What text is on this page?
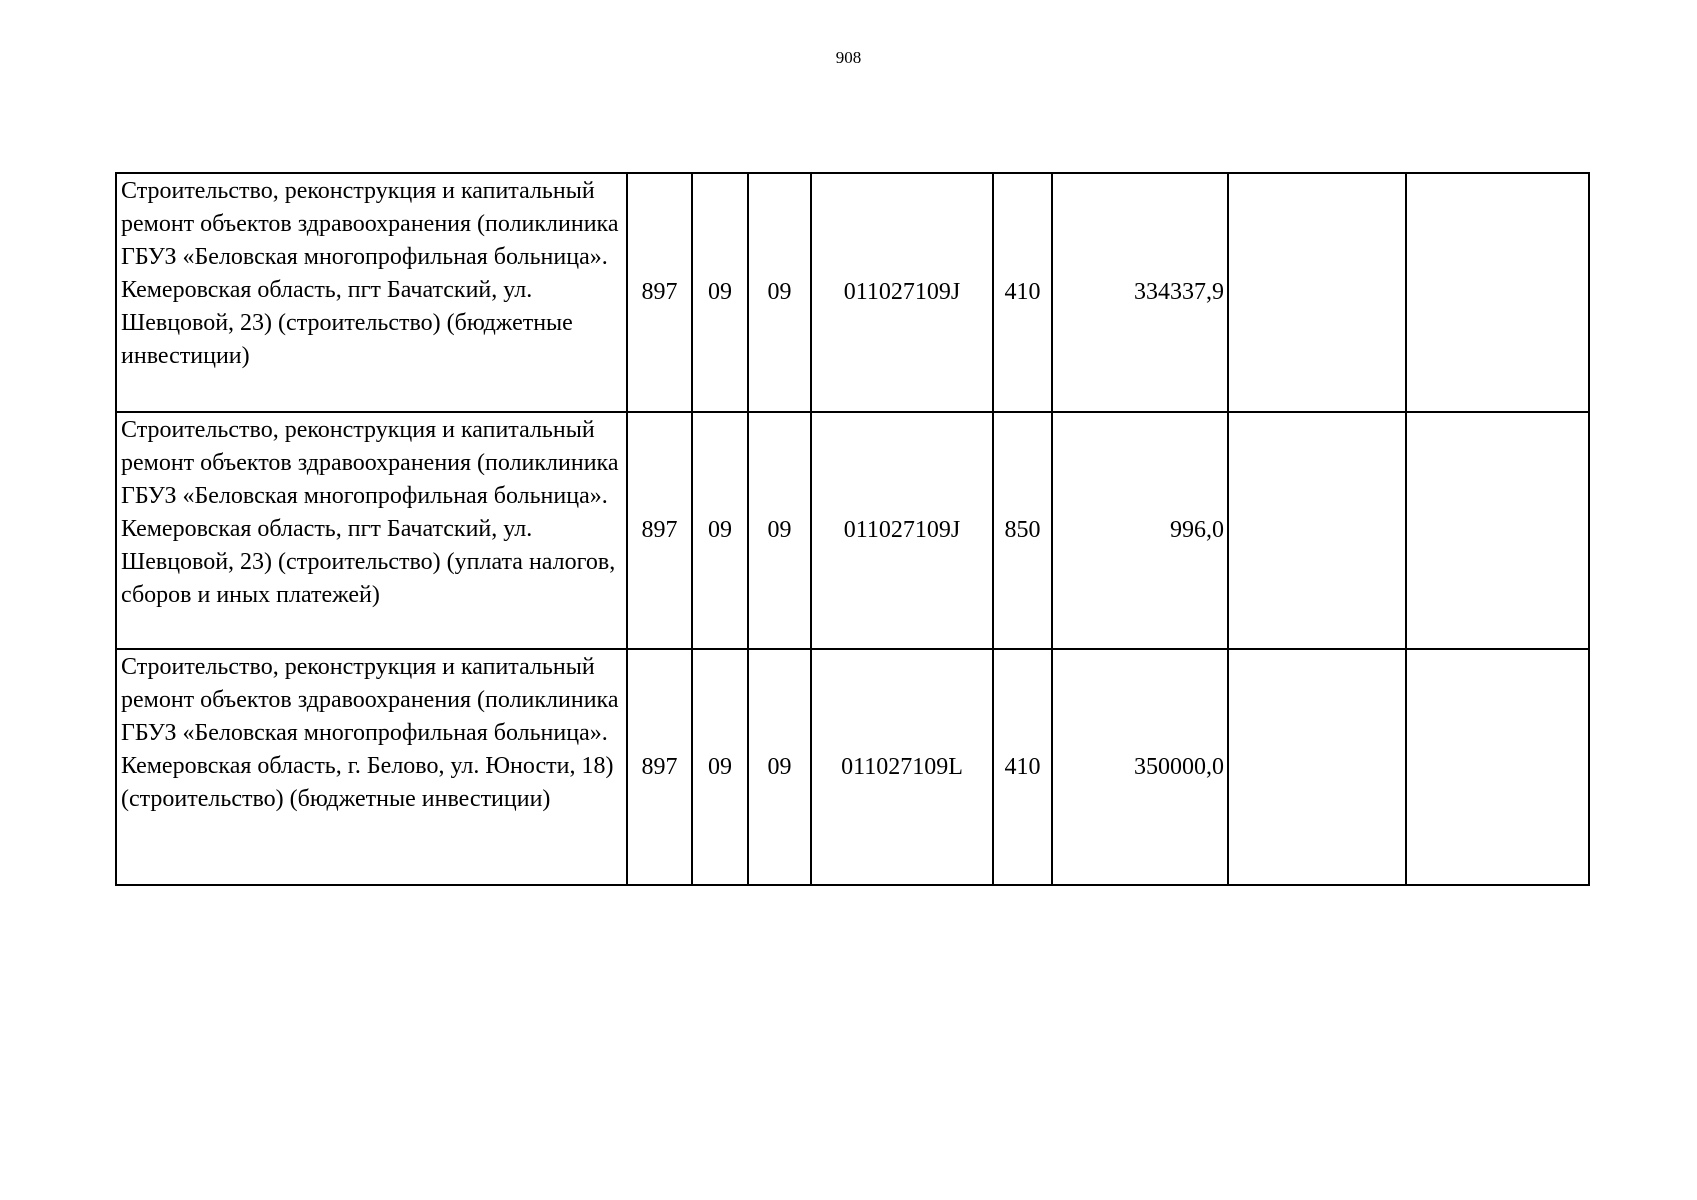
908
Строительство, реконструкция и капитальный ремонт объектов здравоохранения (поликлиника ГБУЗ «Беловская многопрофильная больница». Кемеровская область, пгт Бачатский, ул. Шевцовой, 23) (строительство) (бюджетные инвестиции)	897	09	09	011027109J	410	334337,9		
Строительство, реконструкция и капитальный ремонт объектов здравоохранения (поликлиника ГБУЗ «Беловская многопрофильная больница». Кемеровская область, пгт Бачатский, ул. Шевцовой, 23) (строительство) (уплата налогов, сборов и иных платежей)	897	09	09	011027109J	850	996,0		
Строительство, реконструкция и капитальный ремонт объектов здравоохранения (поликлиника ГБУЗ «Беловская многопрофильная больница». Кемеровская область, г. Белово, ул. Юности, 18) (строительство) (бюджетные инвестиции)	897	09	09	011027109L	410	350000,0		
